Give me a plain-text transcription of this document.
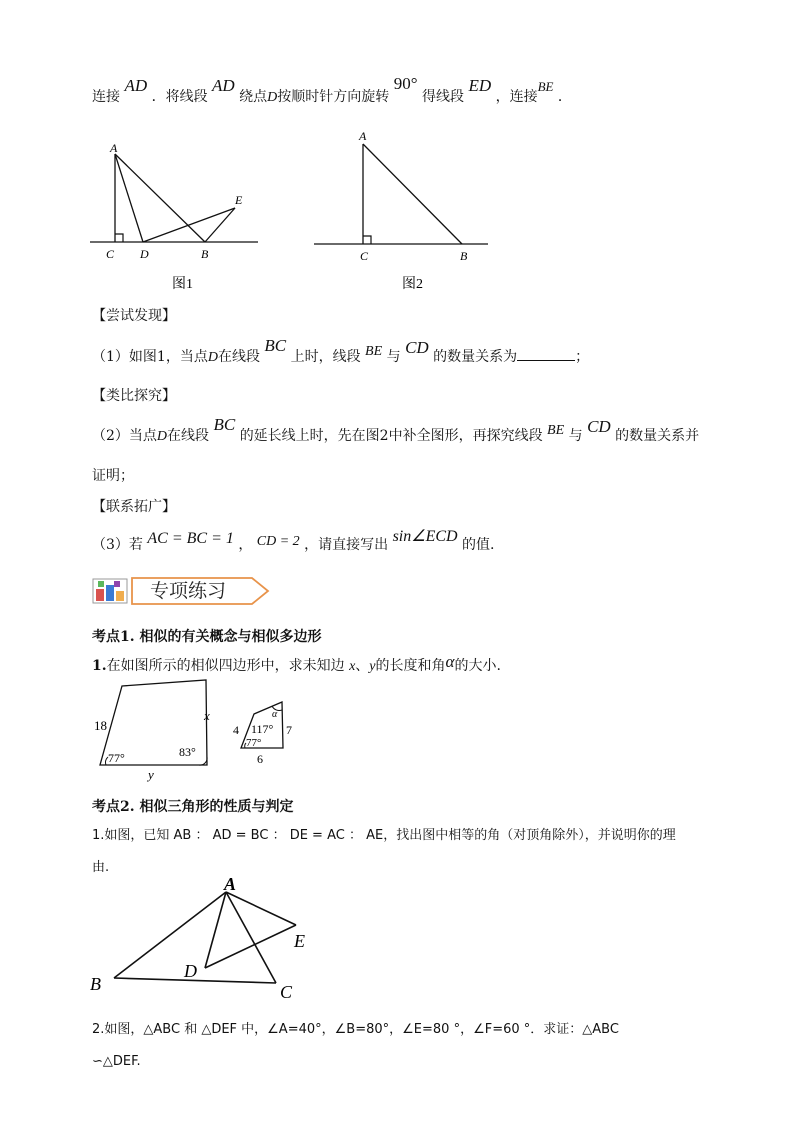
连接 AD ．将线段 AD 绕点D按顺时针方向旋转 90° 得线段 ED ，连接BE ．
A
E
C D	B
图1
A
C	B
图2
【尝试发现】
（1）如图1，当点D在线段 BC 上时，线段 BE 与 CD 的数量关系为	；
【类比探究】
（2）当点D在线段 BC 的延长线上时，先在图2中补全图形，再探究线段 BE 与 CD 的数量关系并
证明；
【联系拓广】
（3）若 AC = BC = 1 ， CD = 2 ，请直接写出 sin∠ECD 的值.
专项练习
考点1. 相似的有关概念与相似多边形
1.在如图所示的相似四边形中，求未知边 x、y的长度和角α的大小.
18
x
y
77°	83°
4	7
6
117°
α
77°
考点2. 相似三角形的性质与判定
1.如图，已知 AB ： AD = BC ： DE = AC ： AE，找出图中相等的角（对顶角除外），并说明你的理
由.
A
E
D
B	C
2.如图，△ABC 和 △DEF 中，∠A=40°，∠B=80°，∠E=80 °，∠F=60 °．求证：△ABC
∽△DEF.
